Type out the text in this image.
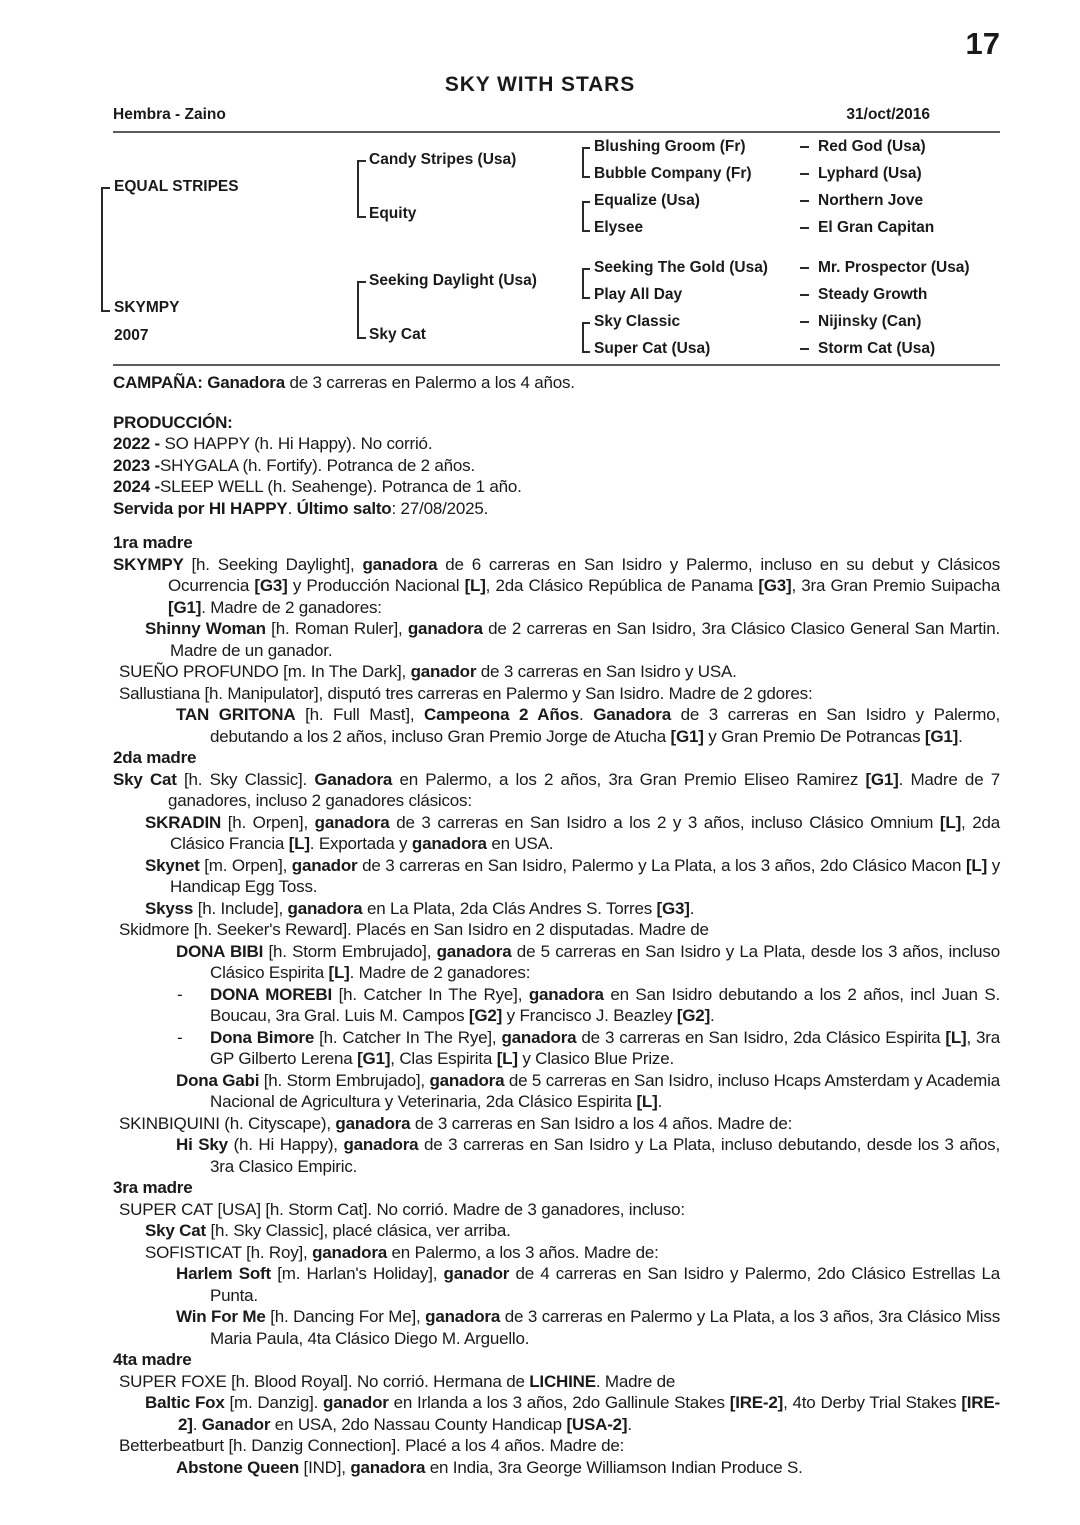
17
SKY WITH STARS
Hembra - Zaino	31/oct/2016
EQUAL STRIPES
SKYMPY
2007
Candy Stripes (Usa)
Equity
Seeking Daylight (Usa)
Sky Cat
Blushing Groom (Fr)
Bubble Company (Fr)
Equalize (Usa)
Elysee
Seeking The Gold (Usa)
Play All Day
Sky Classic
Super Cat (Usa)
Red God (Usa)
Lyphard (Usa)
Northern Jove
El Gran Capitan
Mr. Prospector (Usa)
Steady Growth
Nijinsky (Can)
Storm Cat (Usa)
CAMPAÑA: Ganadora de 3 carreras en Palermo a los 4 años.
PRODUCCIÓN:
2022 - SO HAPPY (h. Hi Happy). No corrió.
2023 -SHYGALA (h. Fortify). Potranca de 2 años.
2024 -SLEEP WELL (h. Seahenge). Potranca de 1 año.
Servida por HI HAPPY. Último salto: 27/08/2025.
1ra madre
SKYMPY [h. Seeking Daylight], ganadora de 6 carreras en San Isidro y Palermo, incluso en su debut y Clásicos Ocurrencia [G3] y Producción Nacional [L], 2da Clásico República de Panama [G3], 3ra Gran Premio Suipacha [G1]. Madre de 2 ganadores:
Shinny Woman [h. Roman Ruler], ganadora de 2 carreras en San Isidro, 3ra Clásico Clasico General San Martin. Madre de un ganador.
SUEÑO PROFUNDO [m. In The Dark], ganador de 3 carreras en San Isidro y USA.
Sallustiana [h. Manipulator], disputó tres carreras en Palermo y San Isidro. Madre de 2 gdores:
TAN GRITONA [h. Full Mast], Campeona 2 Años. Ganadora de 3 carreras en San Isidro y Palermo, debutando a los 2 años, incluso Gran Premio Jorge de Atucha [G1] y Gran Premio De Potrancas [G1].
2da madre
Sky Cat [h. Sky Classic]. Ganadora en Palermo, a los 2 años, 3ra Gran Premio Eliseo Ramirez [G1]. Madre de 7 ganadores, incluso 2 ganadores clásicos:
SKRADIN [h. Orpen], ganadora de 3 carreras en San Isidro a los 2 y 3 años, incluso Clásico Omnium [L], 2da Clásico Francia [L]. Exportada y ganadora en USA.
Skynet [m. Orpen], ganador de 3 carreras en San Isidro, Palermo y La Plata, a los 3 años, 2do Clásico Macon [L] y Handicap Egg Toss.
Skyss [h. Include], ganadora en La Plata, 2da Clás Andres S. Torres [G3].
Skidmore [h. Seeker's Reward]. Placés en San Isidro en 2 disputadas. Madre de
DONA BIBI [h. Storm Embrujado], ganadora de 5 carreras en San Isidro y La Plata, desde los 3 años, incluso Clásico Espirita [L]. Madre de 2 ganadores:
- DONA MOREBI [h. Catcher In The Rye], ganadora en San Isidro debutando a los 2 años, incl Juan S. Boucau, 3ra Gral. Luis M. Campos [G2] y Francisco J. Beazley [G2].
- Dona Bimore [h. Catcher In The Rye], ganadora de 3 carreras en San Isidro, 2da Clásico Espirita [L], 3ra GP Gilberto Lerena [G1], Clas Espirita [L] y Clasico Blue Prize.
Dona Gabi [h. Storm Embrujado], ganadora de 5 carreras en San Isidro, incluso Hcaps Amsterdam y Academia Nacional de Agricultura y Veterinaria, 2da Clásico Espirita [L].
SKINBIQUINI (h. Cityscape), ganadora de 3 carreras en San Isidro a los 4 años. Madre de:
Hi Sky (h. Hi Happy), ganadora de 3 carreras en San Isidro y La Plata, incluso debutando, desde los 3 años, 3ra Clasico Empiric.
3ra madre
SUPER CAT [USA] [h. Storm Cat]. No corrió. Madre de 3 ganadores, incluso:
Sky Cat [h. Sky Classic], placé clásica, ver arriba.
SOFISTICAT [h. Roy], ganadora en Palermo, a los 3 años. Madre de:
Harlem Soft [m. Harlan's Holiday], ganador de 4 carreras en San Isidro y Palermo, 2do Clásico Estrellas La Punta.
Win For Me [h. Dancing For Me], ganadora de 3 carreras en Palermo y La Plata, a los 3 años, 3ra Clásico Miss Maria Paula, 4ta Clásico Diego M. Arguello.
4ta madre
SUPER FOXE [h. Blood Royal]. No corrió. Hermana de LICHINE. Madre de
Baltic Fox [m. Danzig]. ganador en Irlanda a los 3 años, 2do Gallinule Stakes [IRE-2], 4to Derby Trial Stakes [IRE-2]. Ganador en USA, 2do Nassau County Handicap [USA-2].
Betterbeatburt [h. Danzig Connection]. Placé a los 4 años. Madre de:
Abstone Queen [IND], ganadora en India, 3ra George Williamson Indian Produce S.
